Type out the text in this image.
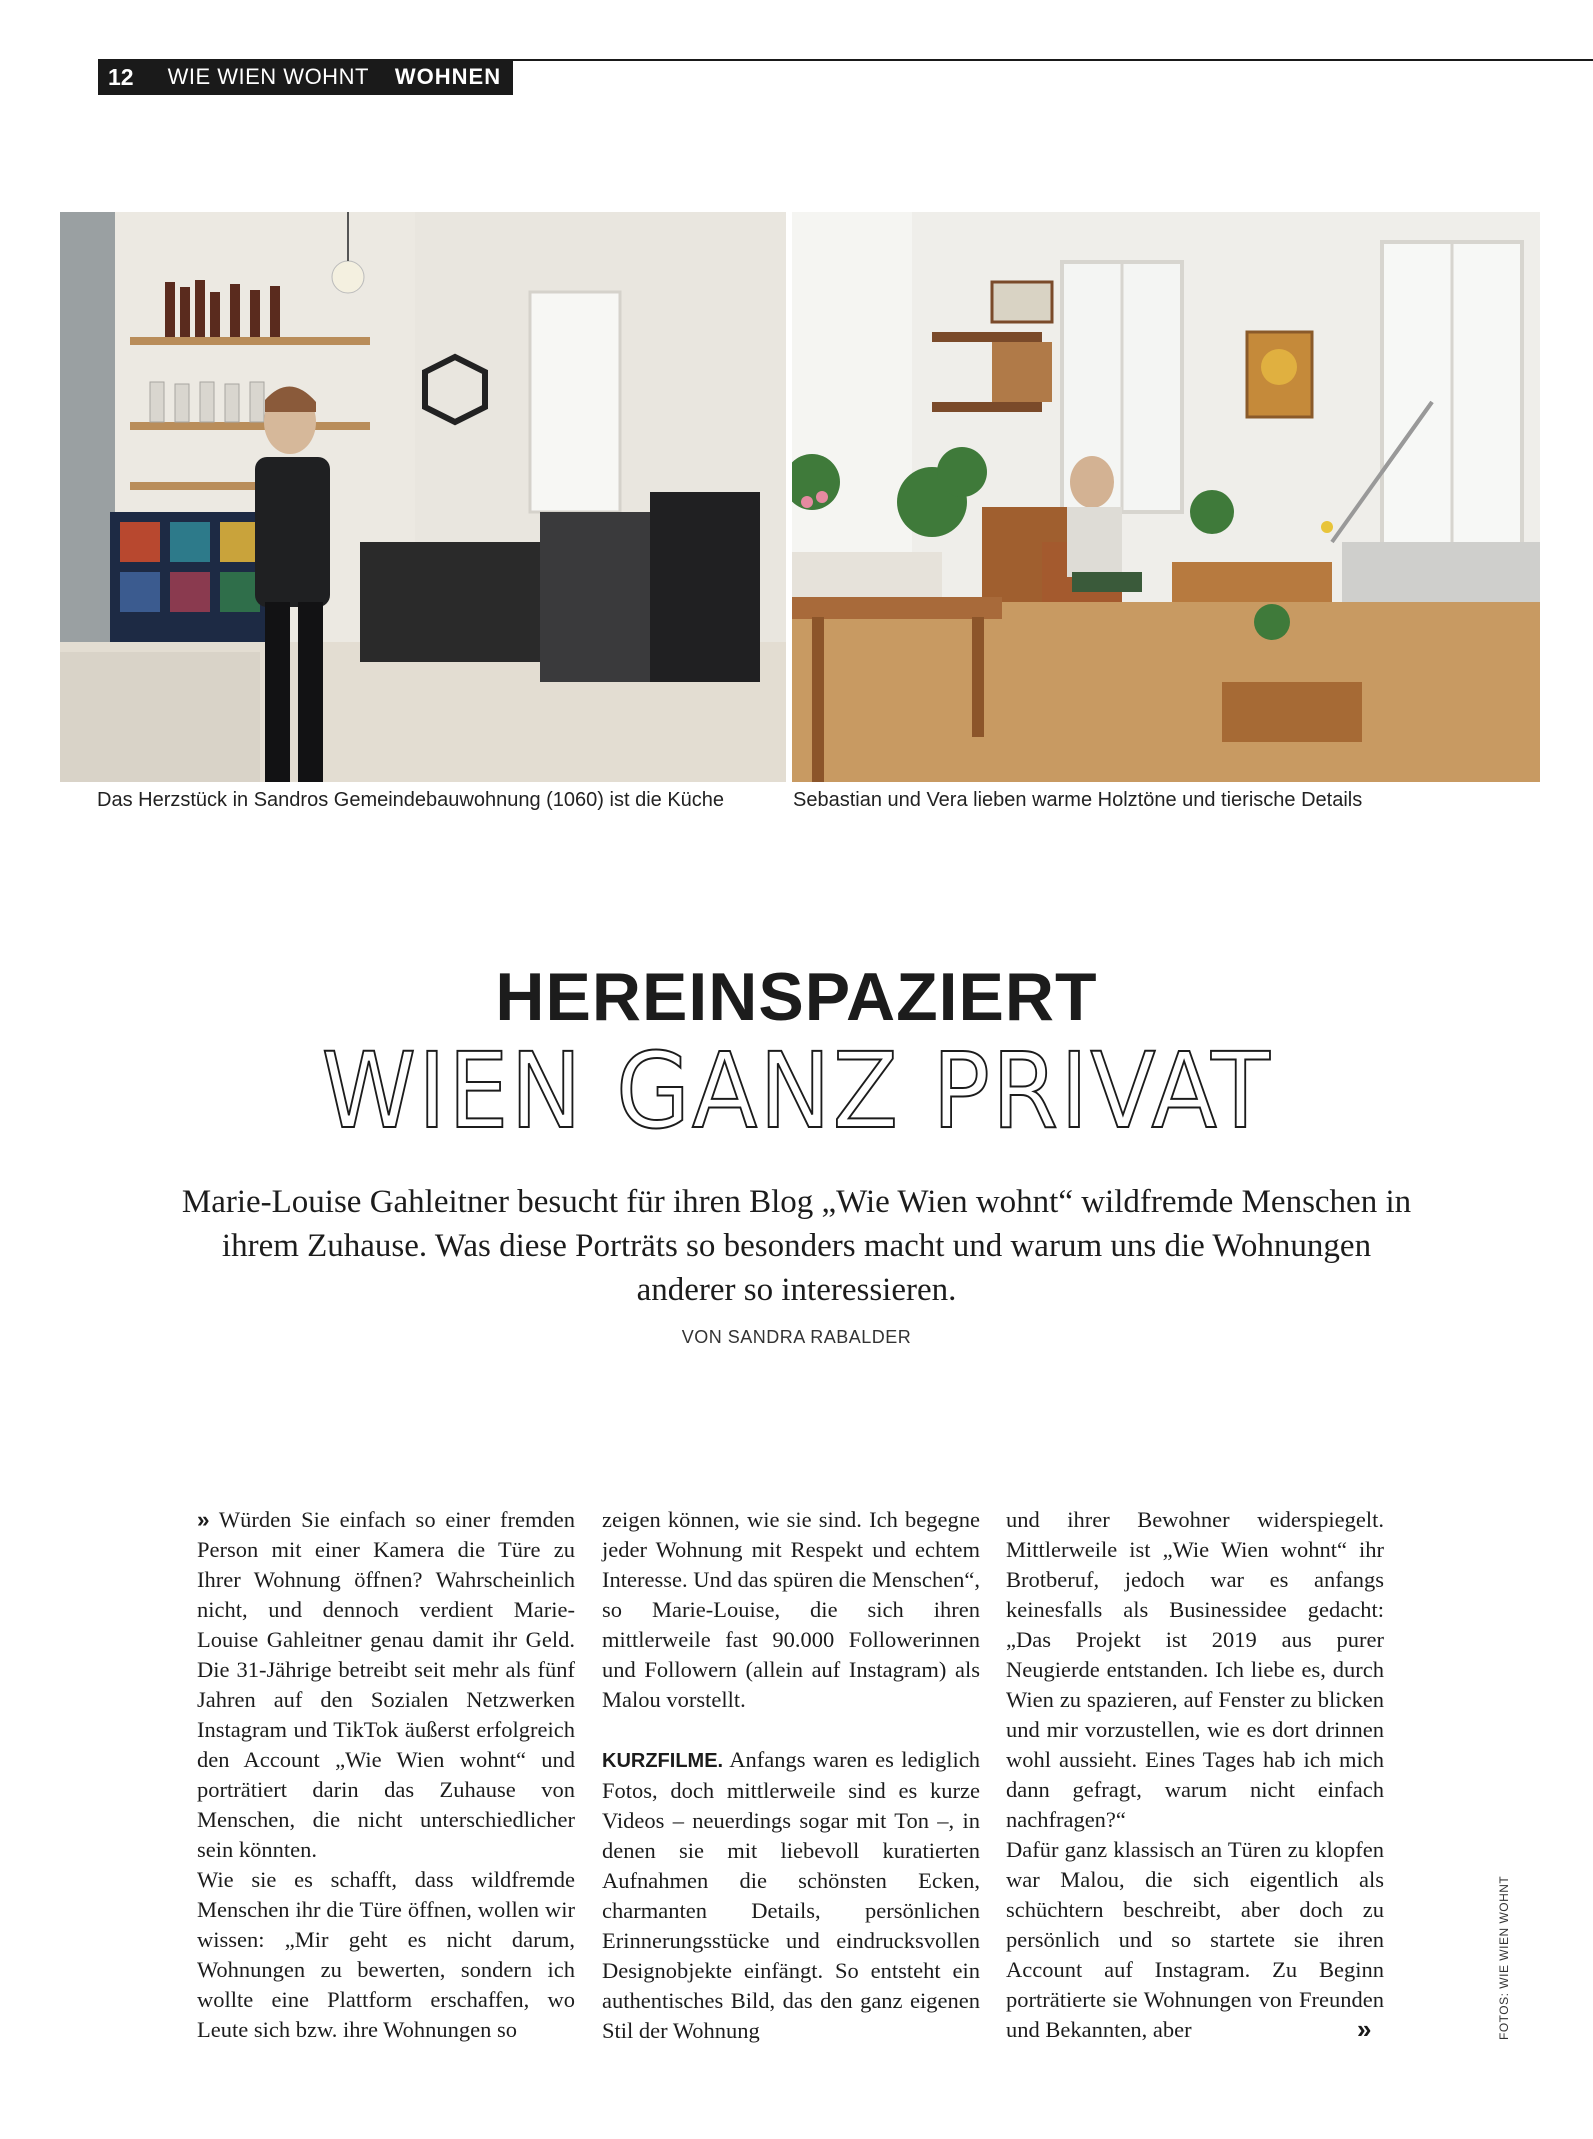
12 WIE WIEN WOHNT WOHNEN
Das Herzstück in Sandros Gemeindebauwohnung (1060) ist die Küche	Sebastian und Vera lieben warme Holztöne und tierische Details
HEREINSPAZIERT
WIEN GANZ PRIVAT
Marie-Louise Gahleitner besucht für ihren Blog „Wie Wien wohnt“ wildfremde Menschen in ihrem Zuhause. Was diese Porträts so besonders macht und warum uns die Wohnungen anderer so interessieren.
VON SANDRA RABALDER

» Würden Sie einfach so einer fremden Person mit einer Kamera die Türe zu Ihrer Wohnung öffnen? Wahrscheinlich nicht, und dennoch verdient Marie-Louise Gahleitner genau damit ihr Geld. Die 31-Jährige betreibt seit mehr als fünf Jahren auf den Sozialen Netzwerken Instagram und TikTok äußerst erfolgreich den Account „Wie Wien wohnt“ und porträtiert darin das Zuhause von Menschen, die nicht unterschiedlicher sein könnten.

Wie sie es schafft, dass wildfremde Menschen ihr die Türe öffnen, wollen wir wissen: „Mir geht es nicht darum, Wohnungen zu bewerten, sondern ich wollte eine Plattform erschaffen, wo Leute sich bzw. ihre Wohnungen so

zeigen können, wie sie sind. Ich begegne jeder Wohnung mit Respekt und echtem Interesse. Und das spüren die Menschen“, so Marie-Louise, die sich ihren mittlerweile fast 90.000 Followerinnen und Followern (allein auf Instagram) als Malou vorstellt.

KURZFILME. Anfangs waren es lediglich Fotos, doch mittlerweile sind es kurze Videos – neuerdings sogar mit Ton –, in denen sie mit liebevoll kuratierten Aufnahmen die schönsten Ecken, charmanten Details, persönlichen Erinnerungsstücke und eindrucksvollen Designobjekte einfängt. So entsteht ein authentisches Bild, das den ganz eigenen Stil der Wohnung

und ihrer Bewohner widerspiegelt. Mittlerweile ist „Wie Wien wohnt“ ihr Brotberuf, jedoch war es anfangs keinesfalls als Businessidee gedacht: „Das Projekt ist 2019 aus purer Neugierde entstanden. Ich liebe es, durch Wien zu spazieren, auf Fenster zu blicken und mir vorzustellen, wie es dort drinnen wohl aussieht. Eines Tages hab ich mich dann gefragt, warum nicht einfach nachfragen?“

Dafür ganz klassisch an Türen zu klopfen war Malou, die sich eigentlich als schüchtern beschreibt, aber doch zu persönlich und so startete sie ihren Account auf Instagram. Zu Beginn porträtierte sie Wohnungen von Freunden und Bekannten, aber	»	FOTOS: WIE WIEN WOHNT
